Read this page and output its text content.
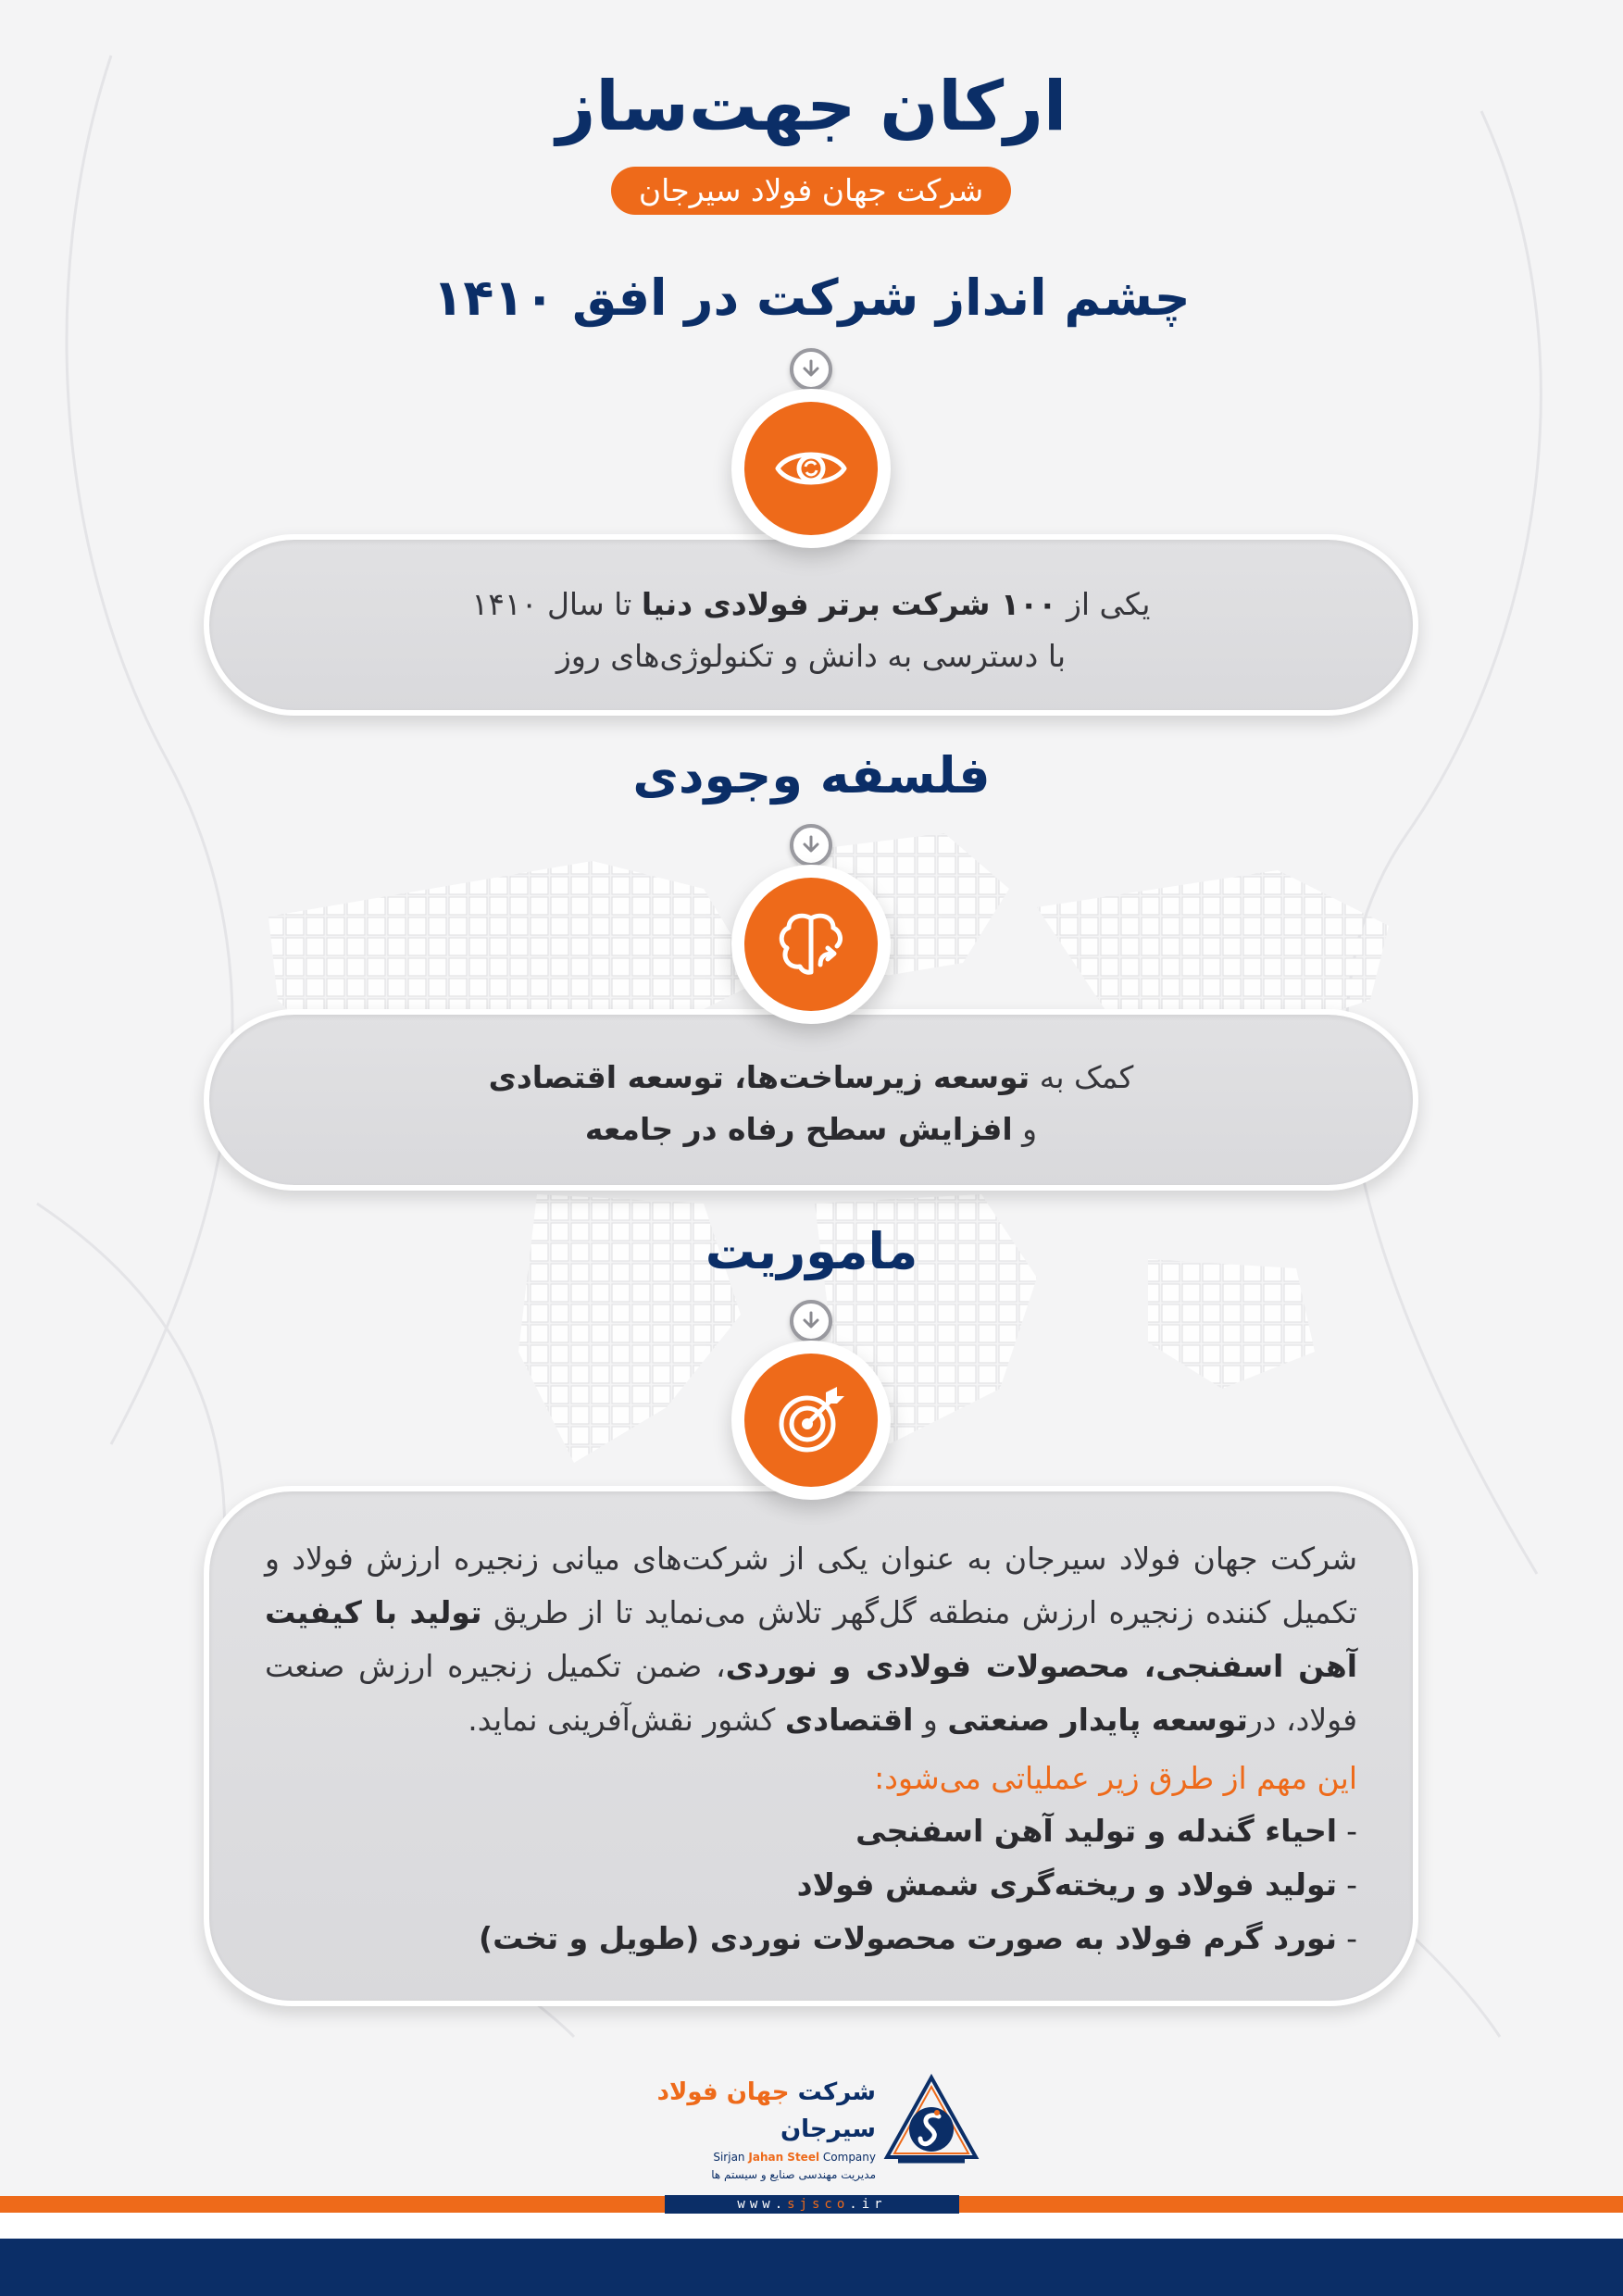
ارکان جهت‌ساز
شرکت جهان فولاد سیرجان
چشم انداز شرکت در افق ۱۴۱۰

یکی از ۱۰۰ شرکت برتر فولادی دنیا تا سال ۱۴۱۰

با دسترسی به دانش و تکنولوژی‌های روز

فلسفه وجودی

کمک به توسعه زیرساخت‌ها، توسعه اقتصادی

و افزایش سطح رفاه در جامعه

ماموریت

شرکت جهان فولاد سیرجان به عنوان یکی از شرکت‌های میانی زنجیره ارزش فولاد و تکمیل کننده زنجیره ارزش منطقه گل‌گهر تلاش می‌نماید تا از طریق تولید با کیفیت آهن اسفنجی، محصولات فولادی و نوردی، ضمن تکمیل زنجیره ارزش صنعت فولاد، درتوسعه پایدار صنعتی و اقتصادی کشور نقش‌آفرینی نماید.

این مهم از طرق زیر عملیاتی می‌شود:

-احیاء گندله و تولید آهن اسفنجی
-تولید فولاد و ریخته‌گری شمش فولاد
-نورد گرم فولاد به صورت محصولات نوردی (طویل و تخت)
شرکت جهان فولاد سیرجان
Sirjan Jahan Steel Company
مدیریت مهندسی صنایع و سیستم ها
www.sjsco.ir
